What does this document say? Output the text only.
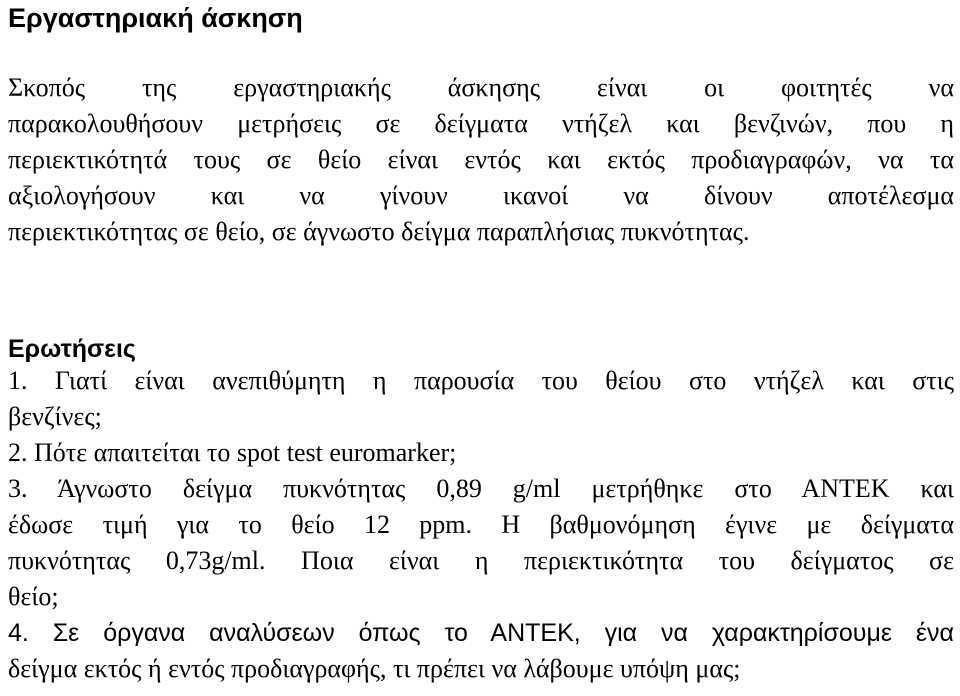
Εργαστηριακή άσκηση
Σκοπός της εργαστηριακής άσκησης είναι οι φοιτητές να
παρακολουθήσουν μετρήσεις σε δείγματα ντήζελ και βενζινών, που η
περιεκτικότητά τους σε θείο είναι εντός και εκτός προδιαγραφών, να τα
αξιολογήσουν και να γίνουν ικανοί να δίνουν αποτέλεσμα
περιεκτικότητας σε θείο, σε άγνωστο δείγμα παραπλήσιας πυκνότητας.
Ερωτήσεις
1. Γιατί είναι ανεπιθύμητη η παρουσία του θείου στο ντήζελ και στις
βενζίνες;
2. Πότε απαιτείται το spot test euromarker;
3. Άγνωστο δείγμα πυκνότητας 0,89 g/ml μετρήθηκε στο ΑΝΤΕΚ και
έδωσε τιμή για το θείο 12 ppm. Η βαθμονόμηση έγινε με δείγματα
πυκνότητας 0,73g/ml. Ποια είναι η περιεκτικότητα του δείγματος σε
θείο;
4. Σε όργανα αναλύσεων όπως το ΑΝΤΕΚ, για να χαρακτηρίσουμε ένα
δείγμα εκτός ή εντός προδιαγραφής, τι πρέπει να λάβουμε υπόψη μας;
